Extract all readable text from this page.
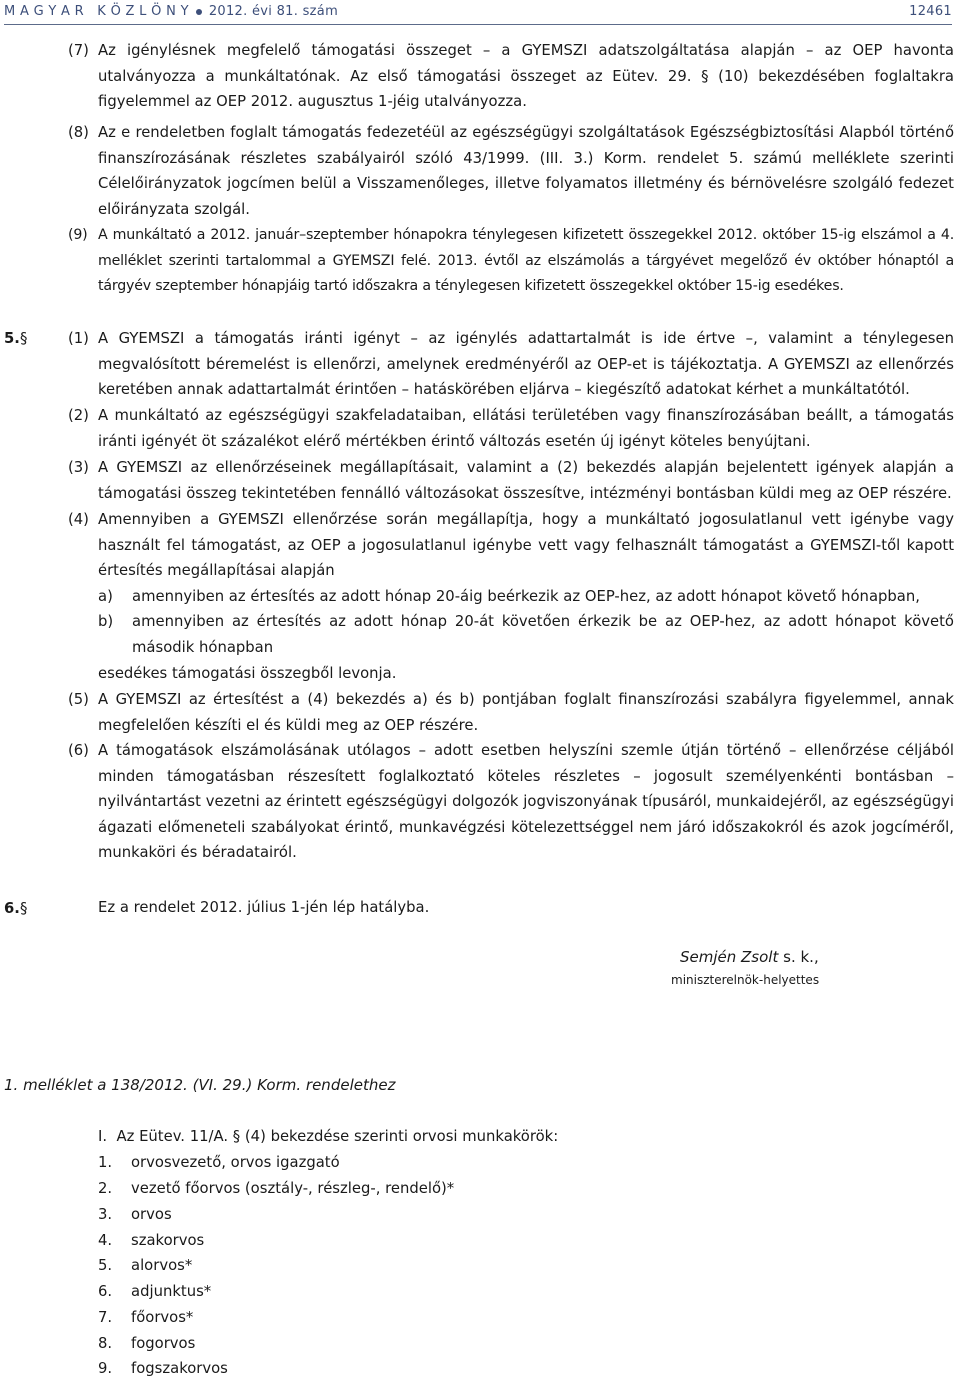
M A G Y A R   K Ö Z L Ö N Y 2012. évi 81. szám	12461
(7) Az igénylésnek megfelelő támogatási összeget – a GYEMSZI adatszolgáltatása alapján – az OEP havonta utalványozza a munkáltatónak. Az első támogatási összeget az Eütev. 29. § (10) bekezdésében foglaltakra figyelemmel az OEP 2012. augusztus 1-jéig utalványozza.
(8) Az e rendeletben foglalt támogatás fedezetéül az egészségügyi szolgáltatások Egészségbiztosítási Alapból történő finanszírozásának részletes szabályairól szóló 43/1999. (III. 3.) Korm. rendelet 5. számú melléklete szerinti Célelőirányzatok jogcímen belül a Visszamenőleges, illetve folyamatos illetmény és bérnövelésre szolgáló fedezet előirányzata szolgál.
(9) A munkáltató a 2012. január–szeptember hónapokra ténylegesen kifizetett összegekkel 2012. október 15-ig elszámol a 4. melléklet szerinti tartalommal a GYEMSZI felé. 2013. évtől az elszámolás a tárgyévet megelőző év október hónaptól a tárgyév szeptember hónapjáig tartó időszakra a ténylegesen kifizetett összegekkel október 15-ig esedékes.
5. §	(1) A GYEMSZI a támogatás iránti igényt – az igénylés adattartalmát is ide értve –, valamint a ténylegesen megvalósított béremelést is ellenőrzi, amelynek eredményéről az OEP-et is tájékoztatja. A GYEMSZI az ellenőrzés keretében annak adattartalmát érintően – hatáskörében eljárva – kiegészítő adatokat kérhet a munkáltatótól.
(2) A munkáltató az egészségügyi szakfeladataiban, ellátási területében vagy finanszírozásában beállt, a támogatás iránti igényét öt százalékot elérő mértékben érintő változás esetén új igényt köteles benyújtani.
(3) A GYEMSZI az ellenőrzéseinek megállapításait, valamint a (2) bekezdés alapján bejelentett igények alapján a támogatási összeg tekintetében fennálló változásokat összesítve, intézményi bontásban küldi meg az OEP részére.
(4) Amennyiben a GYEMSZI ellenőrzése során megállapítja, hogy a munkáltató jogosulatlanul vett igénybe vagy használt fel támogatást, az OEP a jogosulatlanul igénybe vett vagy felhasznált támogatást a GYEMSZI-től kapott értesítés megállapításai alapján
a) amennyiben az értesítés az adott hónap 20-áig beérkezik az OEP-hez, az adott hónapot követő hónapban,
b) amennyiben az értesítés az adott hónap 20-át követően érkezik be az OEP-hez, az adott hónapot követő második hónapban
esedékes támogatási összegből levonja.
(5) A GYEMSZI az értesítést a (4) bekezdés a) és b) pontjában foglalt finanszírozási szabályra figyelemmel, annak megfelelően készíti el és küldi meg az OEP részére.
(6) A támogatások elszámolásának utólagos – adott esetben helyszíni szemle útján történő – ellenőrzése céljából minden támogatásban részesített foglalkoztató köteles részletes – jogosult személyenkénti bontásban – nyilvántartást vezetni az érintett egészségügyi dolgozók jogviszonyának típusáról, munkaidejéről, az egészségügyi ágazati előmeneteli szabályokat érintő, munkavégzési kötelezettséggel nem járó időszakokról és azok jogcíméről, munkaköri és béradatairól.
6. §	Ez a rendelet 2012. július 1-jén lép hatályba.
Semjén Zsolt s. k.,
miniszterelnök-helyettes
1. melléklet a 138/2012. (VI. 29.) Korm. rendelethez
I.  Az Eütev. 11/A. § (4) bekezdése szerinti orvosi munkakörök:
1. orvosvezető, orvos igazgató
2. vezető főorvos (osztály-, részleg-, rendelő)*
3. orvos
4. szakorvos
5. alorvos*
6. adjunktus*
7. főorvos*
8. fogorvos
9. fogszakorvos
